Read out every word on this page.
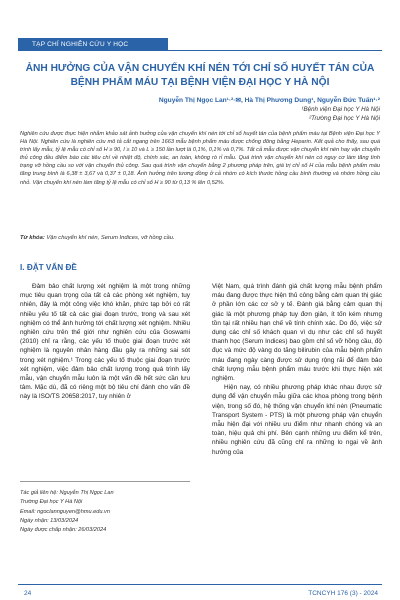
TẠP CHÍ NGHIÊN CỨU Y HỌC
ẢNH HƯỞNG CỦA VẬN CHUYỂN KHÍ NÉN TỚI CHỈ SỐ HUYẾT TÁN CỦA BỆNH PHẨM MÁU TẠI BỆNH VIỆN ĐẠI HỌC Y HÀ NỘI
Nguyễn Thị Ngọc Lan¹·²·✉, Hà Thị Phương Dung¹, Nguyễn Đức Tuấn¹·²
¹Bệnh viện Đại học Y Hà Nội
²Trường Đại học Y Hà Nội

Nghiên cứu được thực hiện nhằm khảo sát ảnh hưởng của vận chuyển khí nén tới chỉ số huyết tán của bệnh phẩm máu tại Bệnh viện Đại học Y Hà Nội. Nghiên cứu là nghiên cứu mô tả cắt ngang trên 1663 mẫu bệnh phẩm máu được chống đông bằng Heparin. Kết quả cho thấy, sau quá trình lấy mẫu, tỷ lệ mẫu có chỉ số H ≥ 90, I ≥ 10 và L ≥ 150 lần lượt là 0,1%, 0,1% và 0,7%. Tất cả mẫu được vận chuyển khí nén hay vận chuyển thủ công đều điểm báo các tiêu chí về nhiệt độ, chính xác, an toàn, không rò rỉ mẫu. Quá trình vận chuyển khí nén có nguy cơ làm tăng tình trạng vỡ hồng cầu so với vận chuyển thủ công. Sau quá trình vận chuyển bằng 2 phương pháp trên, giá trị chỉ số H của mẫu bệnh phẩm máu tăng trung bình là 6,38 ± 3,67 và 0,37 ± 0,18. Ảnh hưởng trên tương đồng ở cả nhóm có kích thước hồng cầu bình thường và nhóm hồng cầu nhỏ. Vận chuyển khí nén làm tăng tỷ lệ mẫu có chỉ số H ≥ 90 từ 0,13 % lên 0,52%.

Từ khóa: Vận chuyển khí nén, Serum Indices, vỡ hồng cầu.
I. ĐẶT VẤN ĐỀ

Đảm bảo chất lượng xét nghiệm là một trong những mục tiêu quan trọng của tất cả các phòng xét nghiệm, tuy nhiên, đây là một công việc khó khăn, phức tạp bởi có rất nhiều yếu tố tất cả các giai đoạn trước, trong và sau xét nghiệm có thể ảnh hưởng tới chất lượng xét nghiệm. Nhiều nghiên cứu trên thế giới như nghiên cứu của Goswami (2010) chỉ ra rằng, các yếu tố thuộc giai đoạn trước xét nghiệm là nguyên nhân hàng đầu gây ra những sai sót trong xét nghiệm.¹ Trong các yếu tố thuộc giai đoạn trước xét nghiệm, việc đảm bảo chất lượng trong quá trình lấy mẫu, vận chuyển mẫu luôn là một vấn đề hết sức cần lưu tâm. Mặc dù, đã có riêng một bộ tiêu chí đánh cho vấn đề này là ISO/TS 20658:2017, tuy nhiên ở

Việt Nam, quá trình đánh giá chất lượng mẫu bệnh phẩm máu đang được thực hiện thủ công bằng cảm quan thị giác ở phần lớn các cơ sở y tế. Đánh giá bằng cảm quan thị giác là một phương pháp tuy đơn giản, ít tốn kém nhưng tồn tại rất nhiều hạn chế về tính chính xác. Do đó, việc sử dụng các chỉ số khách quan vì dụ như các chỉ số huyết thanh học (Serum Indices) bao gồm chỉ số vỡ hồng cầu, độ đục và mức độ vàng do tăng bilirubin của mẫu bệnh phẩm máu đang ngày càng được sử dụng rộng rãi để đảm bảo chất lượng mẫu bệnh phẩm máu trước khi thực hiện xét nghiệm.

Hiện nay, có nhiều phương pháp khác nhau được sử dụng để vận chuyển mẫu giữa các khoa phòng trong bệnh viện, trong số đó, hệ thống vận chuyển khí nén (Pneumatic Transport System - PTS) là một phương pháp vận chuyển mẫu hiện đại với nhiều ưu điểm như nhanh chóng và an toàn, hiệu quả chi phí. Bên cạnh những ưu điểm kể trên, nhiều nghiên cứu đã cũng chỉ ra những lo ngại về ảnh hưởng của

Tác giả liên hệ: Nguyễn Thị Ngọc Lan
Trường Đại học Y Hà Nội
Email: ngoclannguyen@hmu.edu.vn
Ngày nhận: 13/03/2024
Ngày được chấp nhận: 26/03/2024
24	TCNCYH 176 (3) - 2024
